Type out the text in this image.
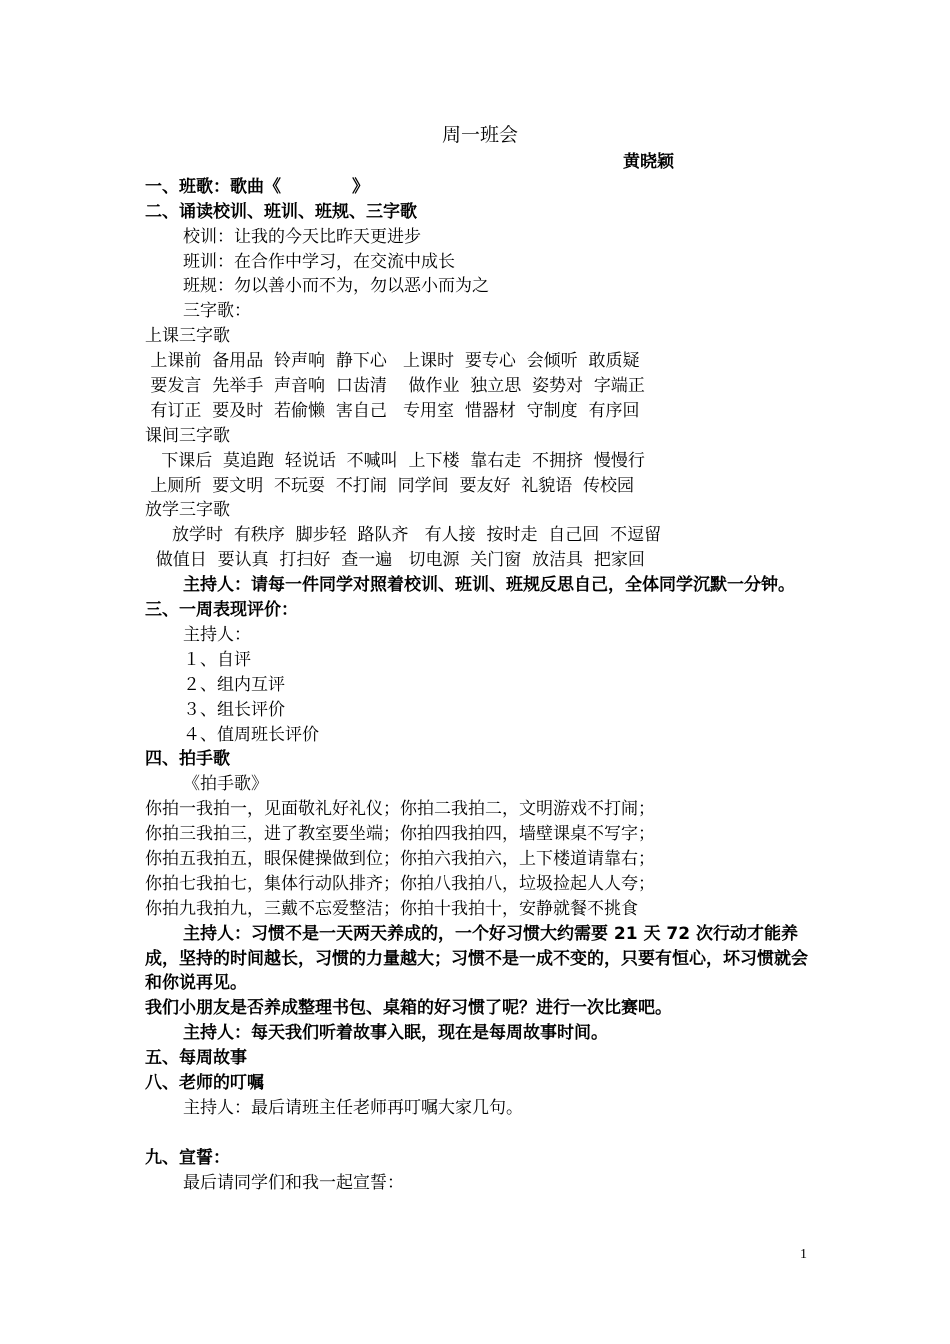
周一班会
黄晓颖
一、班歌：歌曲《            》
二、诵读校训、班训、班规、三字歌
校训：让我的今天比昨天更进步
班训：在合作中学习，在交流中成长
班规：勿以善小而不为，勿以恶小而为之
三字歌：
上课三字歌
上课前  备用品  铃声响  静下心   上课时  要专心  会倾听  敢质疑
要发言  先举手  声音响  口齿清    做作业  独立思  姿势对  字端正
有订正  要及时  若偷懒  害自己   专用室  惜器材  守制度  有序回
课间三字歌
下课后  莫追跑  轻说话  不喊叫  上下楼  靠右走  不拥挤  慢慢行
上厕所  要文明  不玩耍  不打闹  同学间  要友好  礼貌语  传校园
放学三字歌
放学时  有秩序  脚步轻  路队齐   有人接  按时走  自己回  不逗留
做值日  要认真  打扫好  查一遍   切电源  关门窗  放洁具  把家回
主持人：请每一件同学对照着校训、班训、班规反思自己，全体同学沉默一分钟。
三、一周表现评价：
主持人：
１、自评
２、组内互评
３、组长评价
４、值周班长评价
四、拍手歌
《拍手歌》
你拍一我拍一，见面敬礼好礼仪；你拍二我拍二，文明游戏不打闹；
你拍三我拍三，进了教室要坐端；你拍四我拍四，墙壁课桌不写字；
你拍五我拍五，眼保健操做到位；你拍六我拍六，上下楼道请靠右；
你拍七我拍七，集体行动队排齐；你拍八我拍八，垃圾捡起人人夸；
你拍九我拍九，三戴不忘爱整洁；你拍十我拍十，安静就餐不挑食
主持人：习惯不是一天两天养成的，一个好习惯大约需要 21 天 72 次行动才能养成，坚持的时间越长，习惯的力量越大；习惯不是一成不变的，只要有恒心，坏习惯就会和你说再见。
我们小朋友是否养成整理书包、桌箱的好习惯了呢？进行一次比赛吧。
主持人：每天我们听着故事入眠，现在是每周故事时间。
五、每周故事
八、老师的叮嘱
主持人：最后请班主任老师再叮嘱大家几句。
九、宣誓：
最后请同学们和我一起宣誓：
1
